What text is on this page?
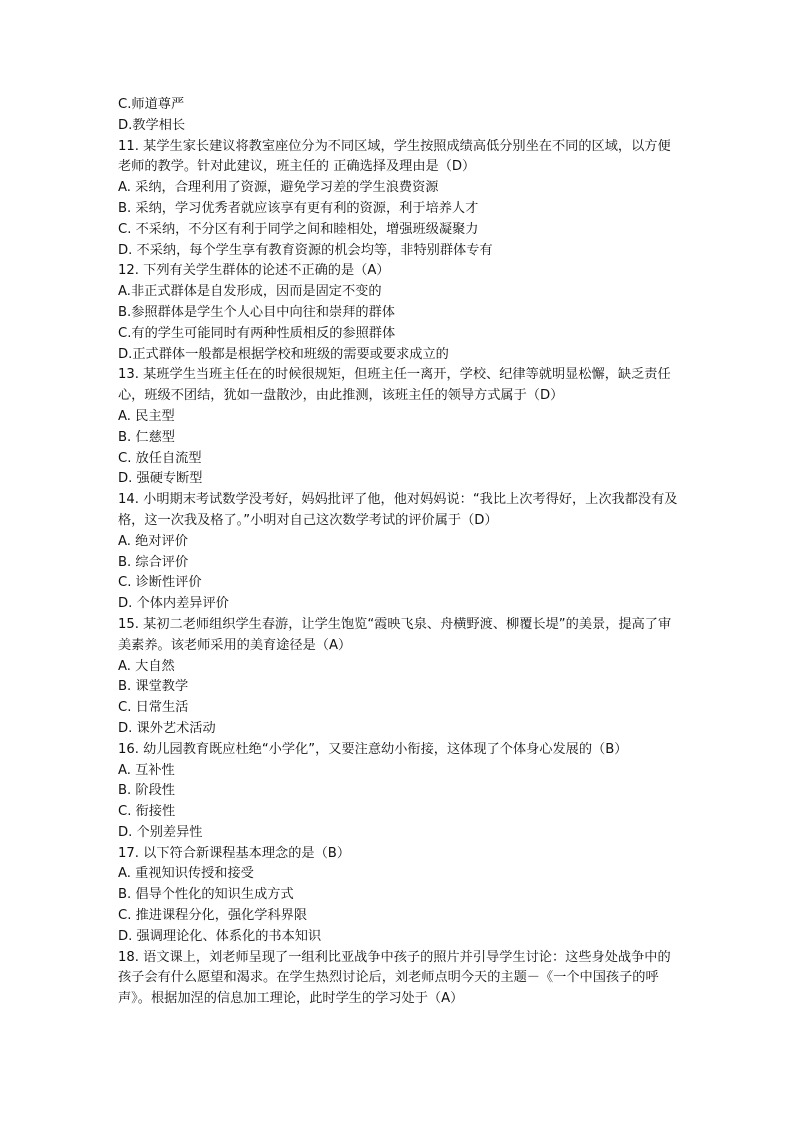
C.师道尊严

D.教学相长

11. 某学生家长建议将教室座位分为不同区域，学生按照成绩高低分别坐在不同的区域，以方便老师的教学。针对此建议，班主任的 正确选择及理由是（D）

A. 采纳，合理利用了资源，避免学习差的学生浪费资源

B. 采纳，学习优秀者就应该享有更有利的资源，利于培养人才

C. 不采纳，不分区有利于同学之间和睦相处，增强班级凝聚力

D. 不采纳，每个学生享有教育资源的机会均等，非特别群体专有

12. 下列有关学生群体的论述不正确的是（A）

A.非正式群体是自发形成，因而是固定不变的

B.参照群体是学生个人心目中向往和崇拜的群体

C.有的学生可能同时有两种性质相反的参照群体

D.正式群体一般都是根据学校和班级的需要或要求成立的

13. 某班学生当班主任在的时候很规矩，但班主任一离开，学校、纪律等就明显松懈，缺乏责任心，班级不团结，犹如一盘散沙，由此推测，该班主任的领导方式属于（D）

A. 民主型

B. 仁慈型

C. 放任自流型

D. 强硬专断型

14. 小明期末考试数学没考好，妈妈批评了他，他对妈妈说：“我比上次考得好，上次我都没有及格，这一次我及格了。”小明对自己这次数学考试的评价属于（D）

A. 绝对评价

B. 综合评价

C. 诊断性评价

D. 个体内差异评价

15. 某初二老师组织学生春游，让学生饱览“霞映飞泉、舟横野渡、柳覆长堤”的美景，提高了审美素养。该老师采用的美育途径是（A）

A. 大自然

B. 课堂教学

C. 日常生活

D. 课外艺术活动

16. 幼儿园教育既应杜绝“小学化”，又要注意幼小衔接，这体现了个体身心发展的（B）

A. 互补性

B. 阶段性

C. 衔接性

D. 个别差异性

17. 以下符合新课程基本理念的是（B）

A. 重视知识传授和接受

B. 倡导个性化的知识生成方式

C. 推进课程分化，强化学科界限

D. 强调理论化、体系化的书本知识

18. 语文课上，刘老师呈现了一组利比亚战争中孩子的照片并引导学生讨论：这些身处战争中的孩子会有什么愿望和渴求。在学生热烈讨论后，刘老师点明今天的主题－《一个中国孩子的呼声》。根据加涅的信息加工理论，此时学生的学习处于（A）
